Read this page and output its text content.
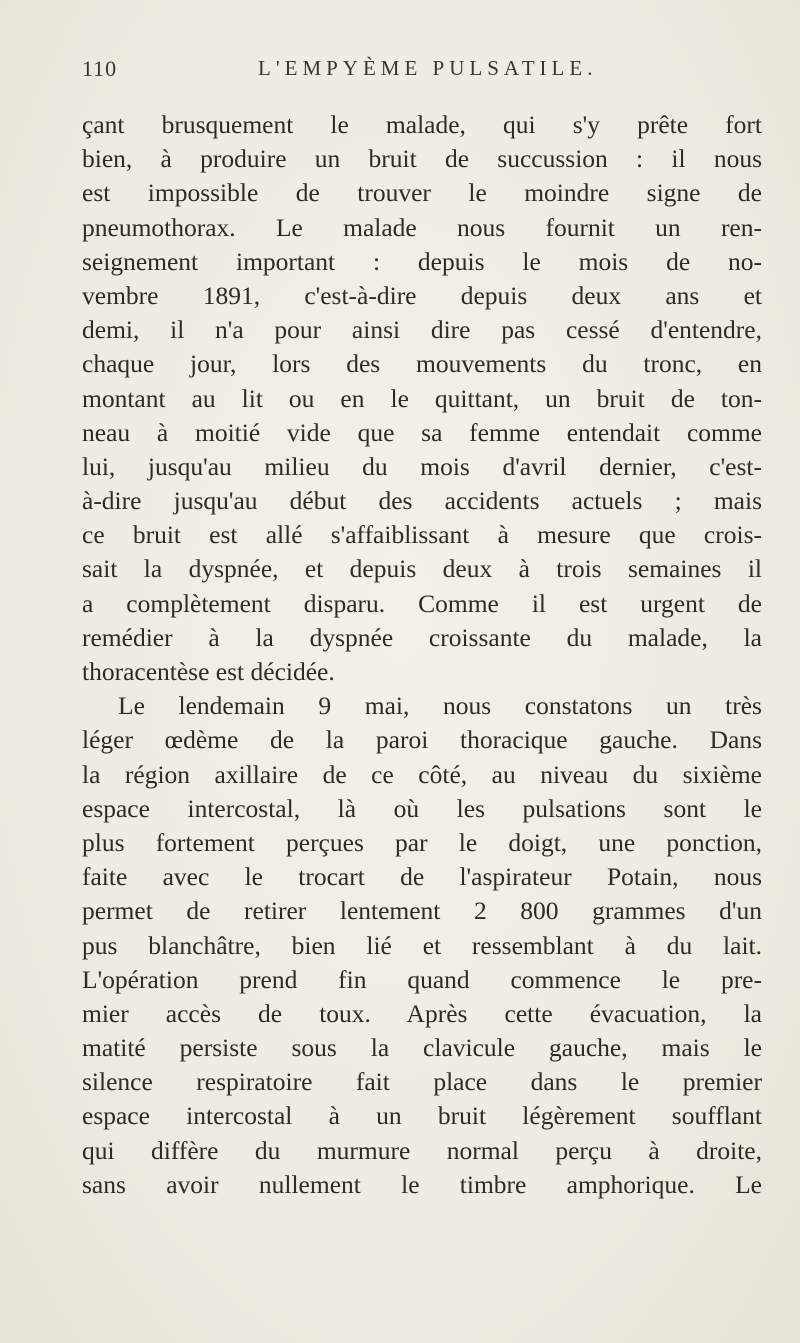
110	L'EMPYÈME PULSATILE.
çant brusquement le malade, qui s'y prête fort
bien, à produire un bruit de succussion : il nous
est impossible de trouver le moindre signe de
pneumothorax. Le malade nous fournit un ren-
seignement important : depuis le mois de no-
vembre 1891, c'est-à-dire depuis deux ans et
demi, il n'a pour ainsi dire pas cessé d'entendre,
chaque jour, lors des mouvements du tronc, en
montant au lit ou en le quittant, un bruit de ton-
neau à moitié vide que sa femme entendait comme
lui, jusqu'au milieu du mois d'avril dernier, c'est-
à-dire jusqu'au début des accidents actuels ; mais
ce bruit est allé s'affaiblissant à mesure que crois-
sait la dyspnée, et depuis deux à trois semaines il
a complètement disparu. Comme il est urgent de
remédier à la dyspnée croissante du malade, la
thoracentèse est décidée.
Le lendemain 9 mai, nous constatons un très
léger œdème de la paroi thoracique gauche. Dans
la région axillaire de ce côté, au niveau du sixième
espace intercostal, là où les pulsations sont le
plus fortement perçues par le doigt, une ponction,
faite avec le trocart de l'aspirateur Potain, nous
permet de retirer lentement 2 800 grammes d'un
pus blanchâtre, bien lié et ressemblant à du lait.
L'opération prend fin quand commence le pre-
mier accès de toux. Après cette évacuation, la
matité persiste sous la clavicule gauche, mais le
silence respiratoire fait place dans le premier
espace intercostal à un bruit légèrement soufflant
qui diffère du murmure normal perçu à droite,
sans avoir nullement le timbre amphorique. Le
